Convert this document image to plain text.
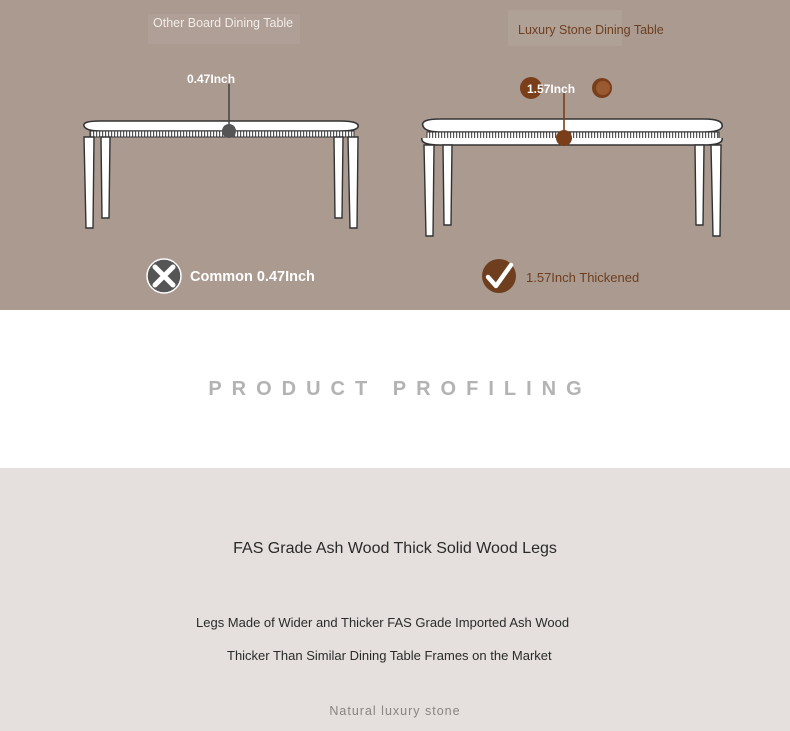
Other Board Dining Table	Luxury Stone Dining Table
0.47Inch
1.57Inch
Common 0.47Inch	1.57Inch Thickened
PRODUCT PROFILING
FAS Grade Ash Wood Thick Solid Wood Legs
Legs Made of Wider and Thicker FAS Grade Imported Ash Wood
Thicker Than Similar Dining Table Frames on the Market
Natural luxury stone
